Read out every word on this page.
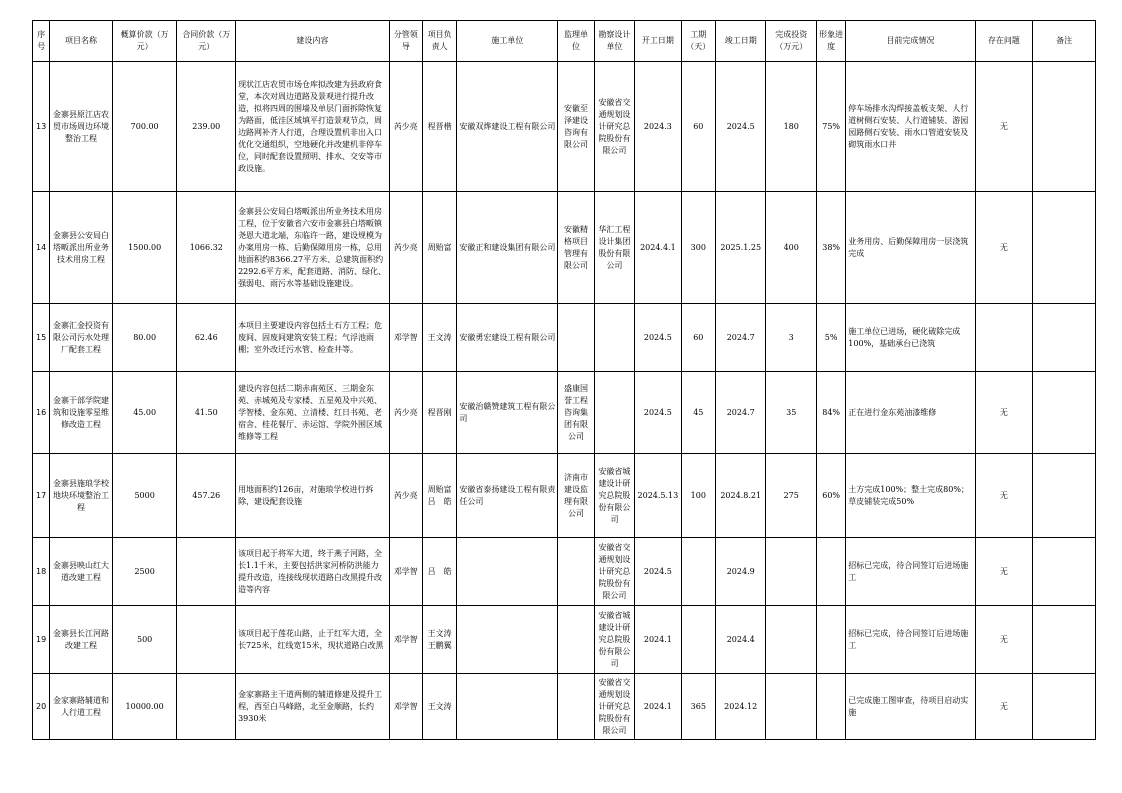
序号	项目名称	概算价款（万元）	合同价款（万元）	建设内容	分管领导	项目负责人	施工单位	监理单位	勘察设计单位	开工日期	工期（天）	竣工日期	完成投资（万元）	形象进度	目前完成情况	存在问题	备注
13	金寨县原江店农贸市场周边环境整治工程	700.00	239.00	现状江店农贸市场仓库拟改建为县政府食堂，本次对周边道路及景观进行提升改造，拟将四周的围墙及单层门面拆除恢复为路面，低洼区域填平打造景观节点，周边路网补齐人行道，合理设置机非出入口优化交通组织，空地硬化并改建机非停车位，同时配套设置照明、排水、交安等市政设施。	芮少亮	程晋楷	安徽双烨建设工程有限公司	安徽至泽建设咨询有限公司	安徽省交通规划设计研究总院股份有限公司	2024.3	60	2024.5	180	75%	停车场排水沟焊接盖板支架、人行道树侧石安装、人行道铺装、游园园路侧石安装、雨水口管道安装及砌筑雨水口井	无	
14	金寨县公安局白塔畈派出所业务技术用房工程	1500.00	1066.32	金寨县公安局白塔畈派出所业务技术用房工程，位于安徽省六安市金寨县白塔畈镇尧恩大道北端，东临许一路，建设规模为办案用房一栋、后勤保障用房一栋，总用地面积约8366.27平方米、总建筑面积约2292.6平方米，配套道路、消防、绿化、强弱电、雨污水等基础设施建设。	芮少亮	周贻富	安徽正和建设集团有限公司	安徽精格项目管理有限公司	华汇工程设计集团股份有限公司	2024.4.1	300	2025.1.25	400	38%	业务用房、后勤保障用房一层浇筑完成	无	
15	金寨汇金投资有限公司污水处理厂配套工程	80.00	62.46	本项目主要建设内容包括土石方工程；危废间、固废间建筑安装工程；气浮池雨棚；室外改迁污水管、检查井等。	邓学智	王文涛	安徽勇宏建设工程有限公司			2024.5	60	2024.7	3	5%	施工单位已进场，硬化破除完成100%，基础承台已浇筑		
16	金寨干部学院建筑和设施零星维修改造工程	45.00	41.50	建设内容包括二期赤南苑区、三期金东苑、赤城苑及专家楼、五星苑及中兴苑、学智楼、金东苑、立清楼、红日书苑、老宿舍、桂花餐厅、赤运馆、学院外围区域维修等工程	芮少亮	程晋刚	安徽治赣赞建筑工程有限公司	盛康国誉工程咨询集团有限公司		2024.5	45	2024.7	35	84%	正在进行金东苑油漆维修	无	
17	金寨县施琅学校地块环境整治工程	5000	457.26	用地面积约126亩，对施琅学校进行拆除，建设配套设施	芮少亮	周贻富　吕　皓	安徽省泰扬建设工程有限责任公司	济南市建设监理有限公司	安徽省城建设计研究总院股份有限公司	2024.5.13	100	2024.8.21	275	60%	土方完成100%；整土完成80%；草皮铺装完成50%	无	
18	金寨县映山红大道改建工程	2500		该项目起于将军大道，终于燕子河路，全长1.1千米，主要包括洪家河桥防洪能力提升改造，连接线现状道路白改黑提升改造等内容	邓学智	吕　皓			安徽省交通规划设计研究总院股份有限公司	2024.5		2024.9			招标已完成，待合同签订后进场施工	无	
19	金寨县长江河路改建工程	500		该项目起于莲花山路，止于红军大道，全长725米，红线宽15米，现状道路白改黑	邓学智	王文涛　王鹏翼			安徽省城建设计研究总院股份有限公司	2024.1		2024.4			招标已完成，待合同签订后进场施工	无	
20	金家寨路辅道和人行道工程	10000.00		金家寨路主干道两侧的辅道修建及提升工程，西至白马峰路，北至金顺路，长约3930米	邓学智	王文涛			安徽省交通规划设计研究总院股份有限公司	2024.1	365	2024.12			已完成施工图审查，待项目启动实施	无	
